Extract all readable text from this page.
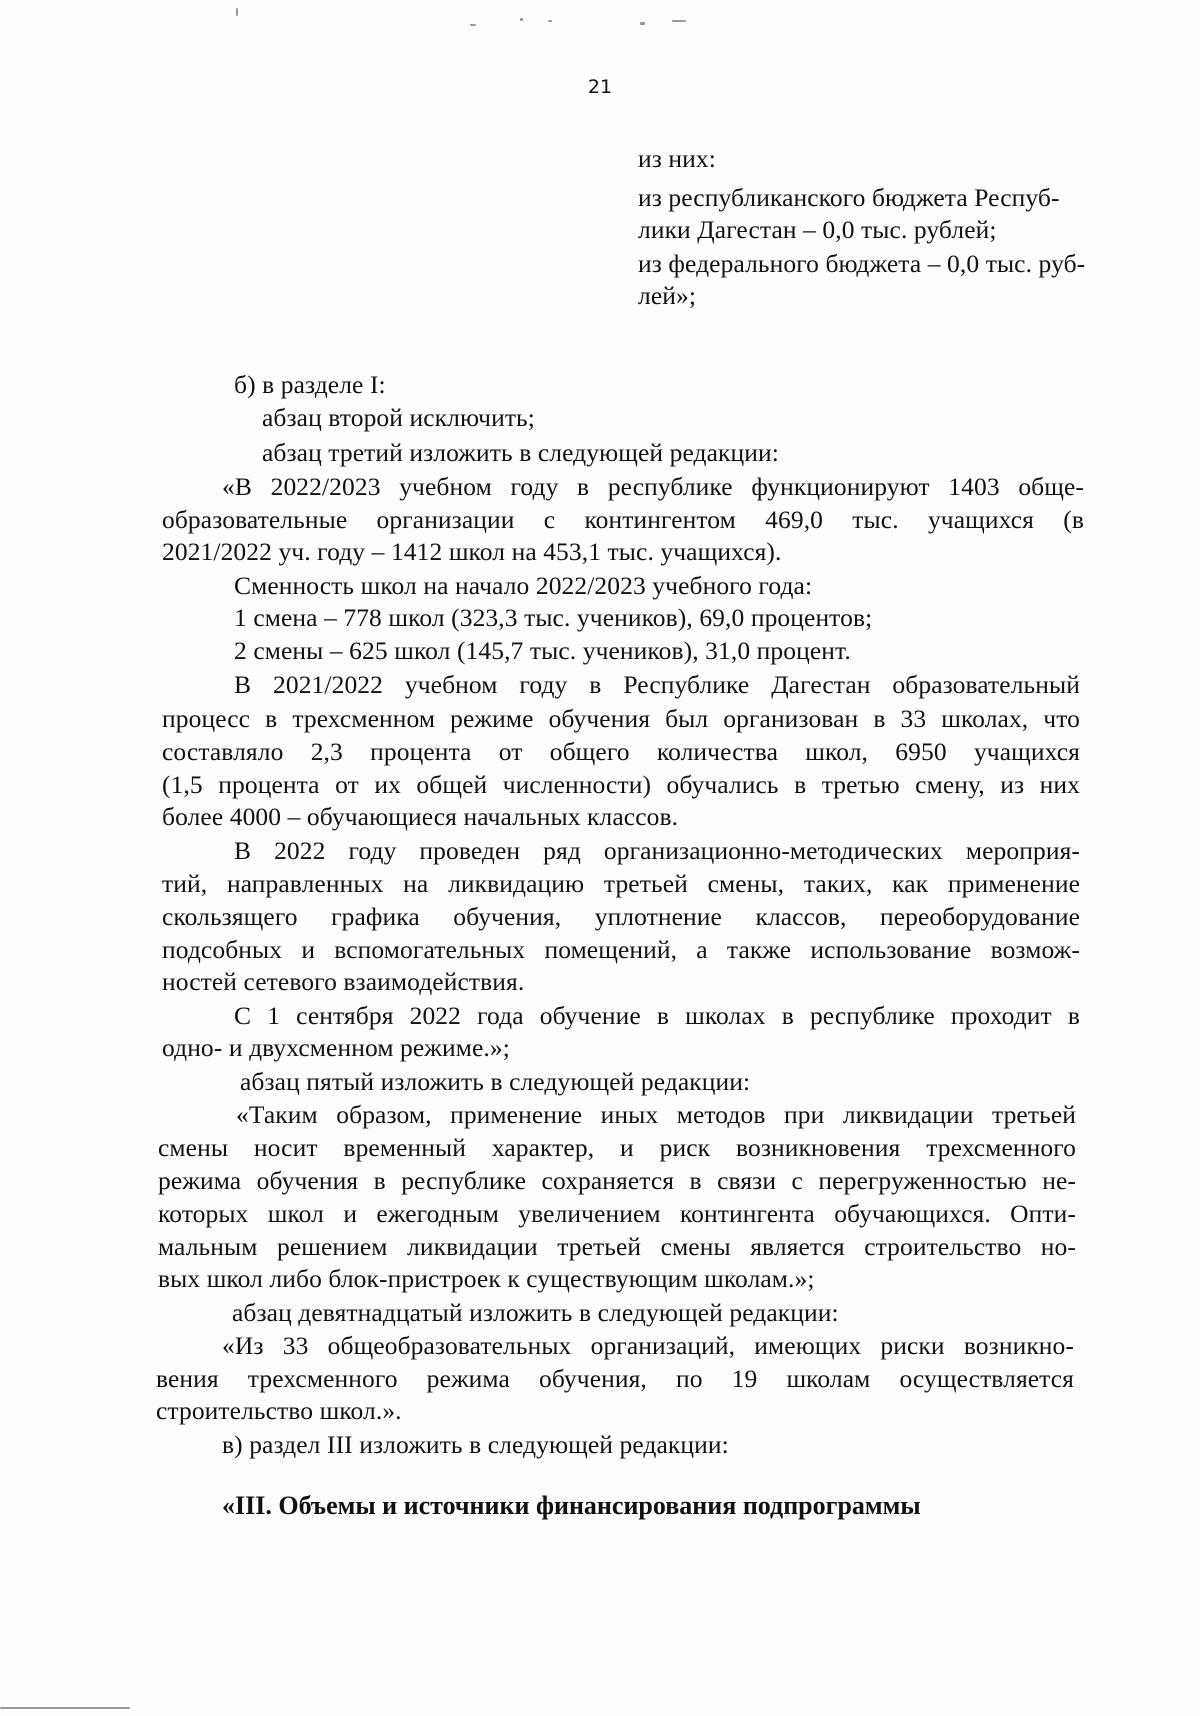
21

из них:

из республиканского бюджета Респуб-

лики Дагестан – 0,0 тыс. рублей;

из федерального бюджета – 0,0 тыс. руб-

лей»;

б) в разделе I:

абзац второй исключить;

абзац третий изложить в следующей редакции:

«В 2022/2023 учебном году в республике функционируют 1403 обще-

образовательные организации с контингентом 469,0 тыс. учащихся (в

2021/2022 уч. году – 1412 школ на 453,1 тыс. учащихся).

Сменность школ на начало 2022/2023 учебного года:

1 смена – 778 школ (323,3 тыс. учеников), 69,0 процентов;

2 смены – 625 школ (145,7 тыс. учеников), 31,0 процент.

В 2021/2022 учебном году в Республике Дагестан образовательный

процесс в трехсменном режиме обучения был организован в 33 школах, что

составляло 2,3 процента от общего количества школ, 6950 учащихся

(1,5 процента от их общей численности) обучались в третью смену, из них

более 4000 – обучающиеся начальных классов.

В 2022 году проведен ряд организационно-методических мероприя-

тий, направленных на ликвидацию третьей смены, таких, как применение

скользящего графика обучения, уплотнение классов, переоборудование

подсобных и вспомогательных помещений, а также использование возмож-

ностей сетевого взаимодействия.

С 1 сентября 2022 года обучение в школах в республике проходит в

одно- и двухсменном режиме.»;

абзац пятый изложить в следующей редакции:

«Таким образом, применение иных методов при ликвидации третьей

смены носит временный характер, и риск возникновения трехсменного

режима обучения в республике сохраняется в связи с перегруженностью не-

которых школ и ежегодным увеличением контингента обучающихся. Опти-

мальным решением ликвидации третьей смены является строительство но-

вых школ либо блок-пристроек к существующим школам.»;

абзац девятнадцатый изложить в следующей редакции:

«Из 33 общеобразовательных организаций, имеющих риски возникно-

вения трехсменного режима обучения, по 19 школам осуществляется

строительство школ.».

в) раздел III изложить в следующей редакции:

«III. Объемы и источники финансирования подпрограммы
